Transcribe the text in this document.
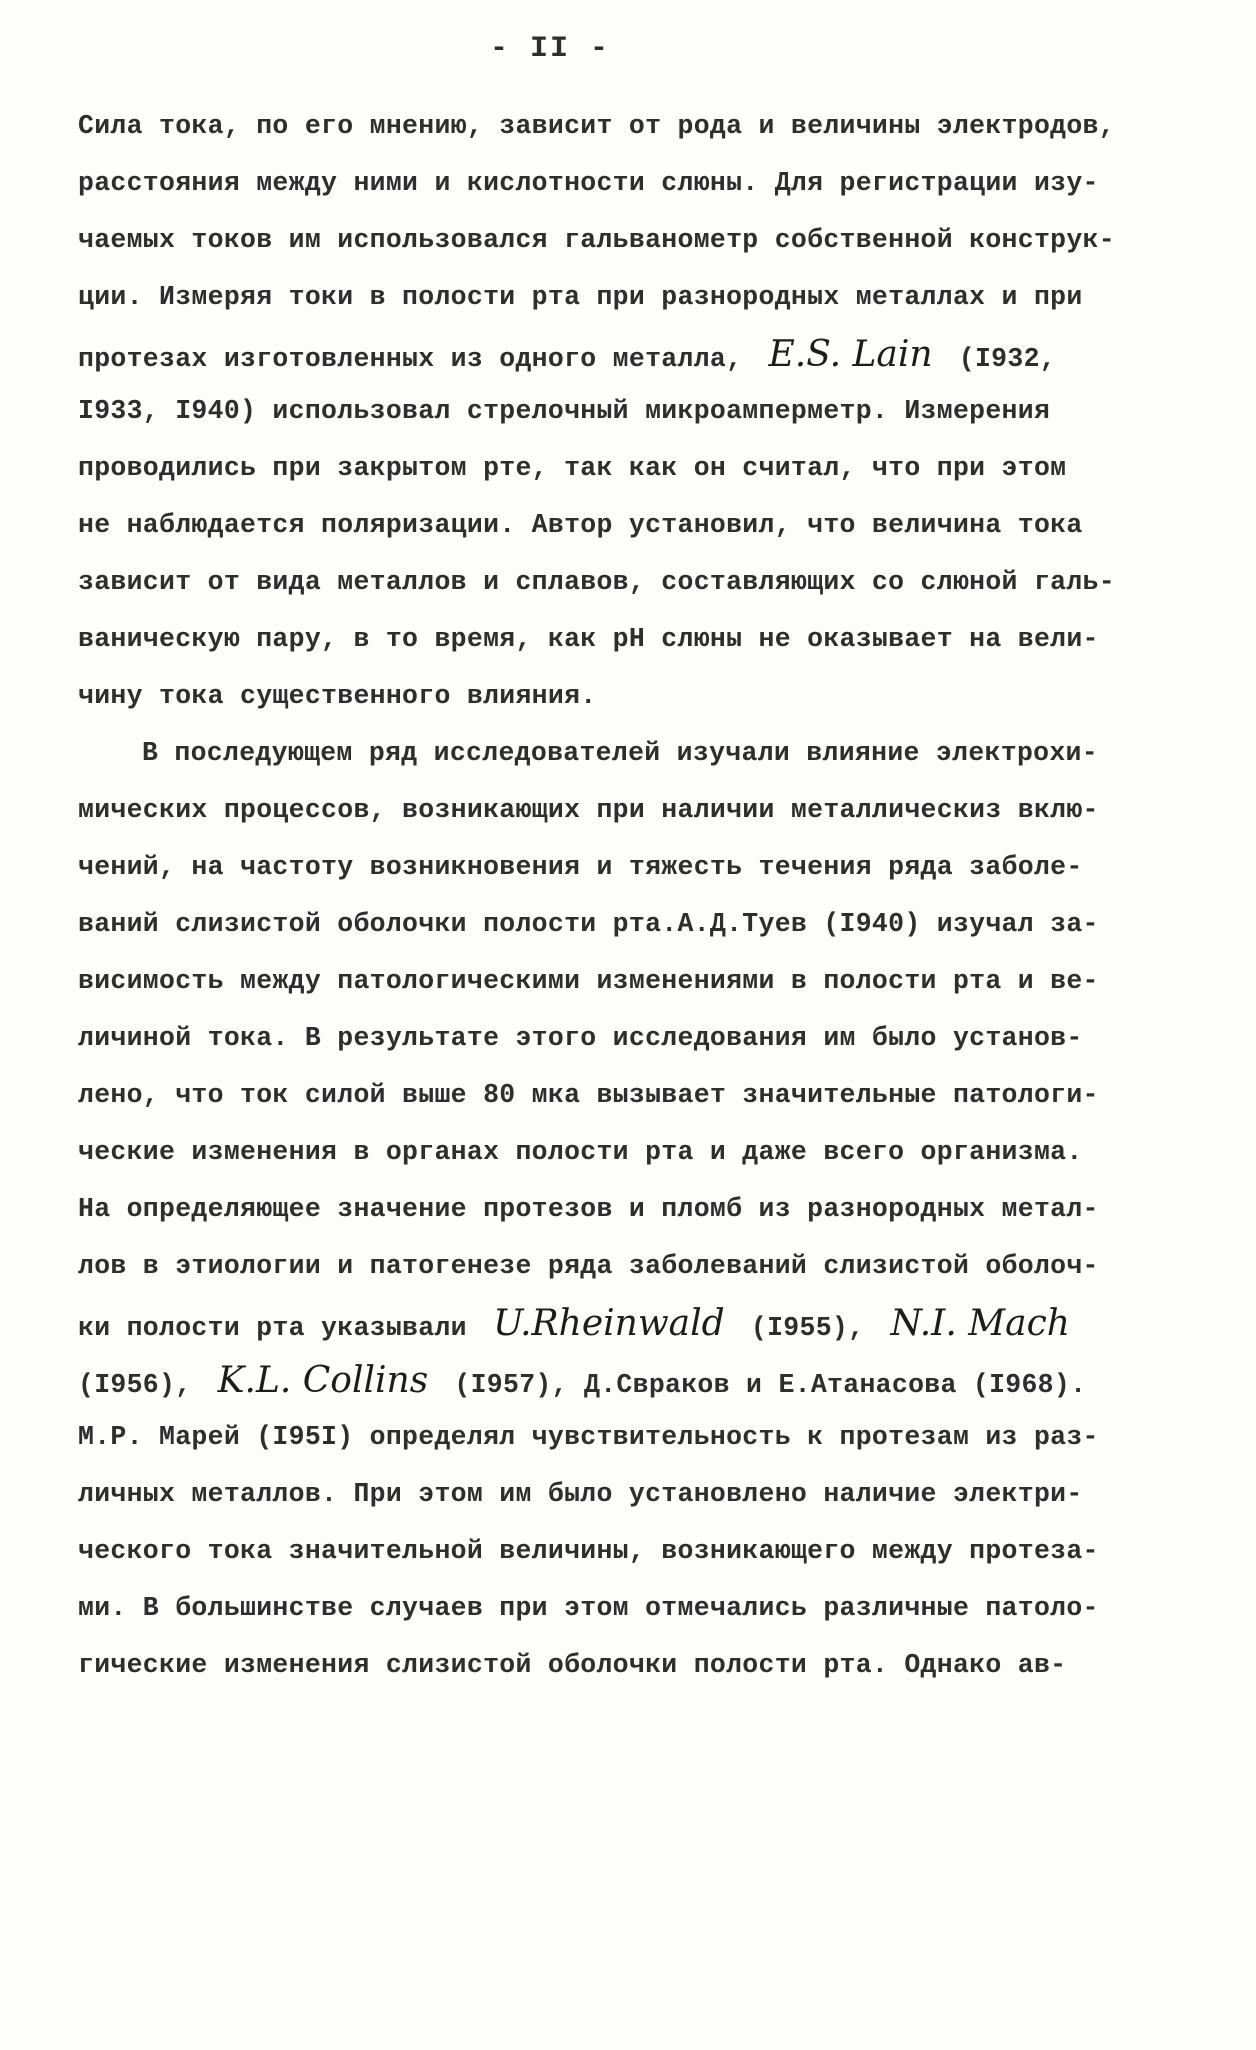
- II -
Сила тока, по его мнению, зависит от рода и величины электродов,
расстояния между ними и кислотности слюны. Для регистрации изу-
чаемых токов им использовался гальванометр собственной конструк-
ции. Измеряя токи в полости рта при разнородных металлах и при
протезах изготовленных из одного металла, E.S. Lain (I932,
I933, I940) использовал стрелочный микроамперметр. Измерения
проводились при закрытом рте, так как он считал, что при этом
не наблюдается поляризации. Автор установил, что величина тока
зависит от вида металлов и сплавов, составляющих со слюной галь-
ваническую пару, в то время, как рН слюны не оказывает на вели-
чину тока существенного влияния.
В последующем ряд исследователей изучали влияние электрохи-
мических процессов, возникающих при наличии металлическиз вклю-
чений, на частоту возникновения и тяжесть течения ряда заболе-
ваний слизистой оболочки полости рта.А.Д.Туев (I940) изучал за-
висимость между патологическими изменениями в полости рта и ве-
личиной тока. В результате этого исследования им было установ-
лено, что ток силой выше 80 мка вызывает значительные патологи-
ческие изменения в органах полости рта и даже всего организма.
На определяющее значение протезов и пломб из разнородных метал-
лов в этиологии и патогенезе ряда заболеваний слизистой оболоч-
ки полости рта указывали U.Rheinwald (I955), N.I. Mach
(I956), K.L. Collins (I957), Д.Свраков и Е.Атанасова (I968).
М.Р. Марей (I95I) определял чувствительность к протезам из раз-
личных металлов. При этом им было установлено наличие электри-
ческого тока значительной величины, возникающего между протеза-
ми. В большинстве случаев при этом отмечались различные патоло-
гические изменения слизистой оболочки полости рта. Однако ав-
